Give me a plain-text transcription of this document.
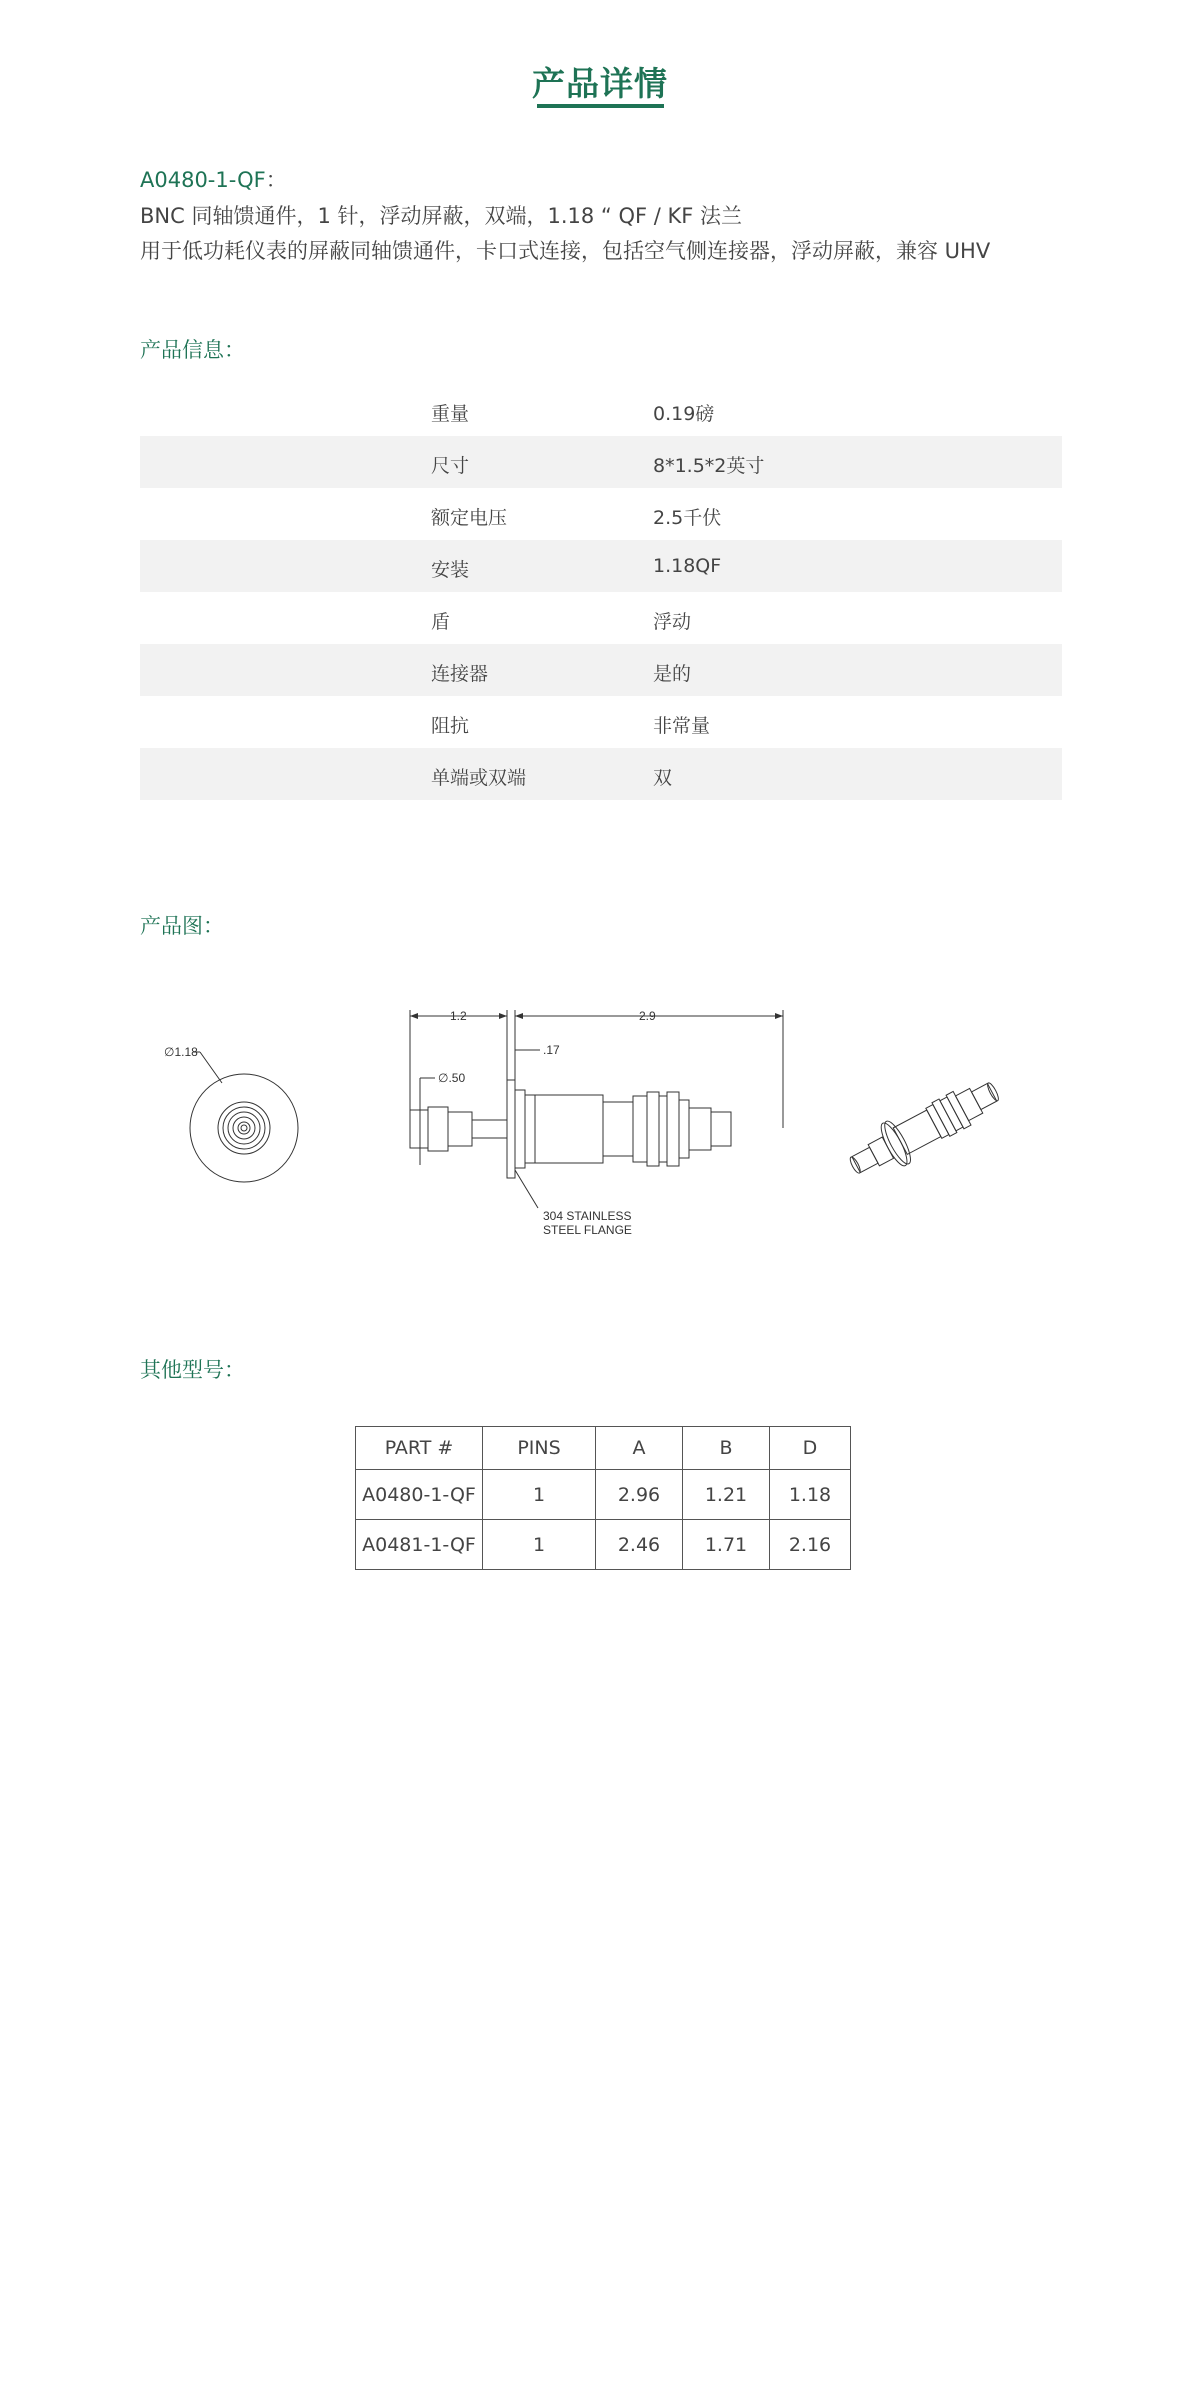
产品详情
A0480-1-QF：
BNC 同轴馈通件，1 针，浮动屏蔽，双端，1.18 “ QF / KF 法兰
用于低功耗仪表的屏蔽同轴馈通件，卡口式连接，包括空气侧连接器，浮动屏蔽，兼容 UHV
产品信息：
重量	0.19磅
尺寸	8*1.5*2英寸
额定电压	2.5千伏
安装	1.18QF
盾	浮动
连接器	是的
阻抗	非常量
单端或双端	双
产品图：
∅1.18
1.2	2.9
.17
∅.50
304 STAINLESS
STEEL FLANGE
其他型号：
PART #	PINS	A	B	D
A0480-1-QF	1	2.96	1.21	1.18
A0481-1-QF	1	2.46	1.71	2.16
